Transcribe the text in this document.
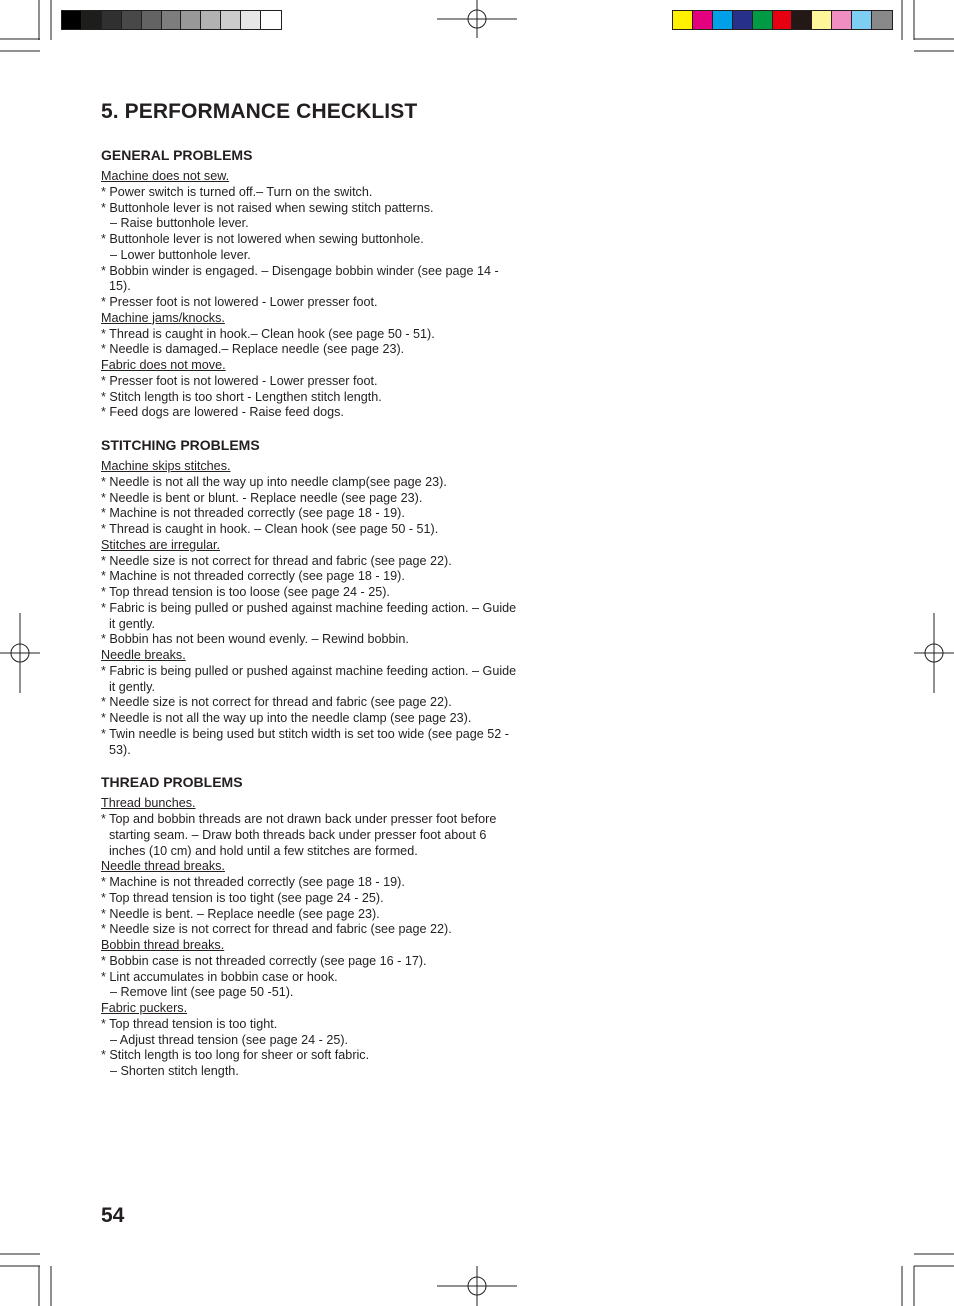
5. PERFORMANCE CHECKLIST
GENERAL PROBLEMS
Machine does not sew.
* Power switch is turned off.– Turn on the switch.
* Buttonhole lever is not raised when sewing stitch patterns.
– Raise buttonhole lever.
* Buttonhole lever is not lowered when sewing buttonhole.
– Lower buttonhole lever.
* Bobbin winder is engaged. – Disengage bobbin winder (see page 14 - 15).
* Presser foot is not lowered - Lower presser foot.
Machine jams/knocks.
* Thread is caught in hook.– Clean hook (see page 50 - 51).
* Needle is damaged.– Replace needle (see page 23).
Fabric does not move.
* Presser foot is not lowered - Lower presser foot.
* Stitch length is too short - Lengthen stitch length.
* Feed dogs are lowered - Raise feed dogs.
STITCHING PROBLEMS
Machine skips stitches.
* Needle is not all the way up into needle clamp(see page 23).
* Needle is bent or blunt. - Replace needle (see page 23).
* Machine is not threaded correctly (see page 18 - 19).
* Thread is caught in hook. – Clean hook (see page 50 - 51).
Stitches are irregular.
* Needle size is not correct for thread and fabric (see page 22).
* Machine is not threaded correctly (see page 18 - 19).
* Top thread tension is too loose (see page 24 - 25).
* Fabric is being pulled or pushed against machine feeding action. – Guide it gently.
* Bobbin has not been wound evenly. – Rewind bobbin.
Needle breaks.
* Fabric is being pulled or pushed against machine feeding action. – Guide it gently.
* Needle size is not correct for thread and fabric (see page 22).
* Needle is not all the way up into the needle clamp (see page 23).
* Twin needle is being used but stitch width is set too wide (see page 52 - 53).
THREAD PROBLEMS
Thread bunches.
* Top and bobbin threads are not drawn back under presser foot before starting seam. – Draw both threads back under presser foot about 6 inches (10 cm) and hold until a few stitches are formed.
Needle thread breaks.
* Machine is not threaded correctly (see page 18 - 19).
* Top thread tension is too tight (see page 24 - 25).
* Needle is bent. – Replace needle (see page 23).
* Needle size is not correct for thread and fabric (see page 22).
Bobbin thread breaks.
* Bobbin case is not threaded correctly (see page 16 - 17).
* Lint accumulates in bobbin case or hook.
– Remove lint (see page 50 -51).
Fabric puckers.
* Top thread tension is too tight.
– Adjust thread tension (see page 24 - 25).
* Stitch length is too long for sheer or soft fabric.
– Shorten stitch length.
54
